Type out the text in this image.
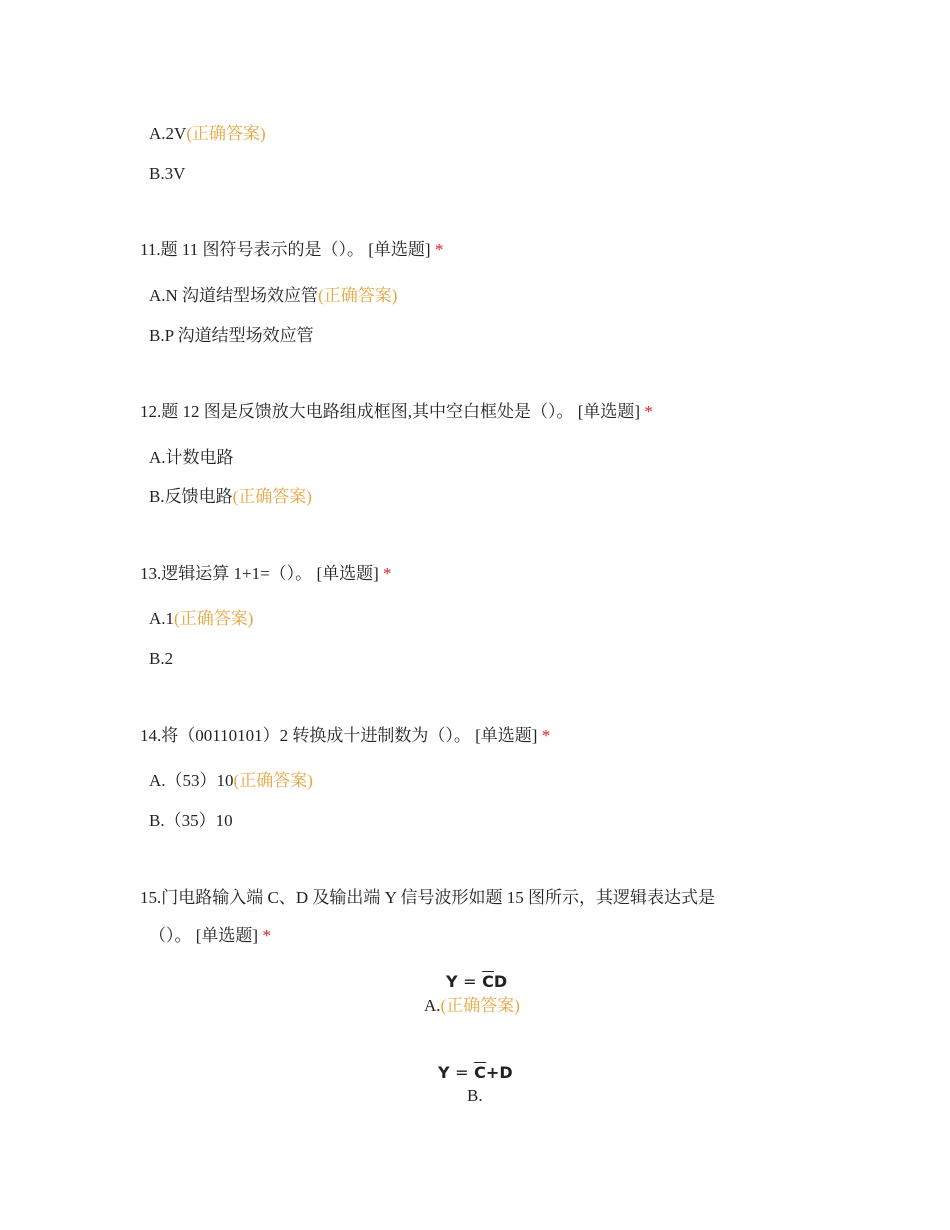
A.2V(正确答案)
B.3V
11.题 11 图符号表示的是（）。 [单选题] *
A.N 沟道结型场效应管(正确答案)
B.P 沟道结型场效应管
12.题 12 图是反馈放大电路组成框图,其中空白框处是（）。 [单选题] *
A.计数电路
B.反馈电路(正确答案)
13.逻辑运算 1+1=（）。 [单选题] *
A.1(正确答案)
B.2
14.将（00110101）2 转换成十进制数为（）。 [单选题] *
A.（53）10(正确答案)
B.（35）10
15.门电路输入端 C、D 及输出端 Y 信号波形如题 15 图所示，其逻辑表达式是
（）。 [单选题] *
$Y = \overline{C}D$
A.(正确答案)
$Y = \overline{C}+D$
B.
